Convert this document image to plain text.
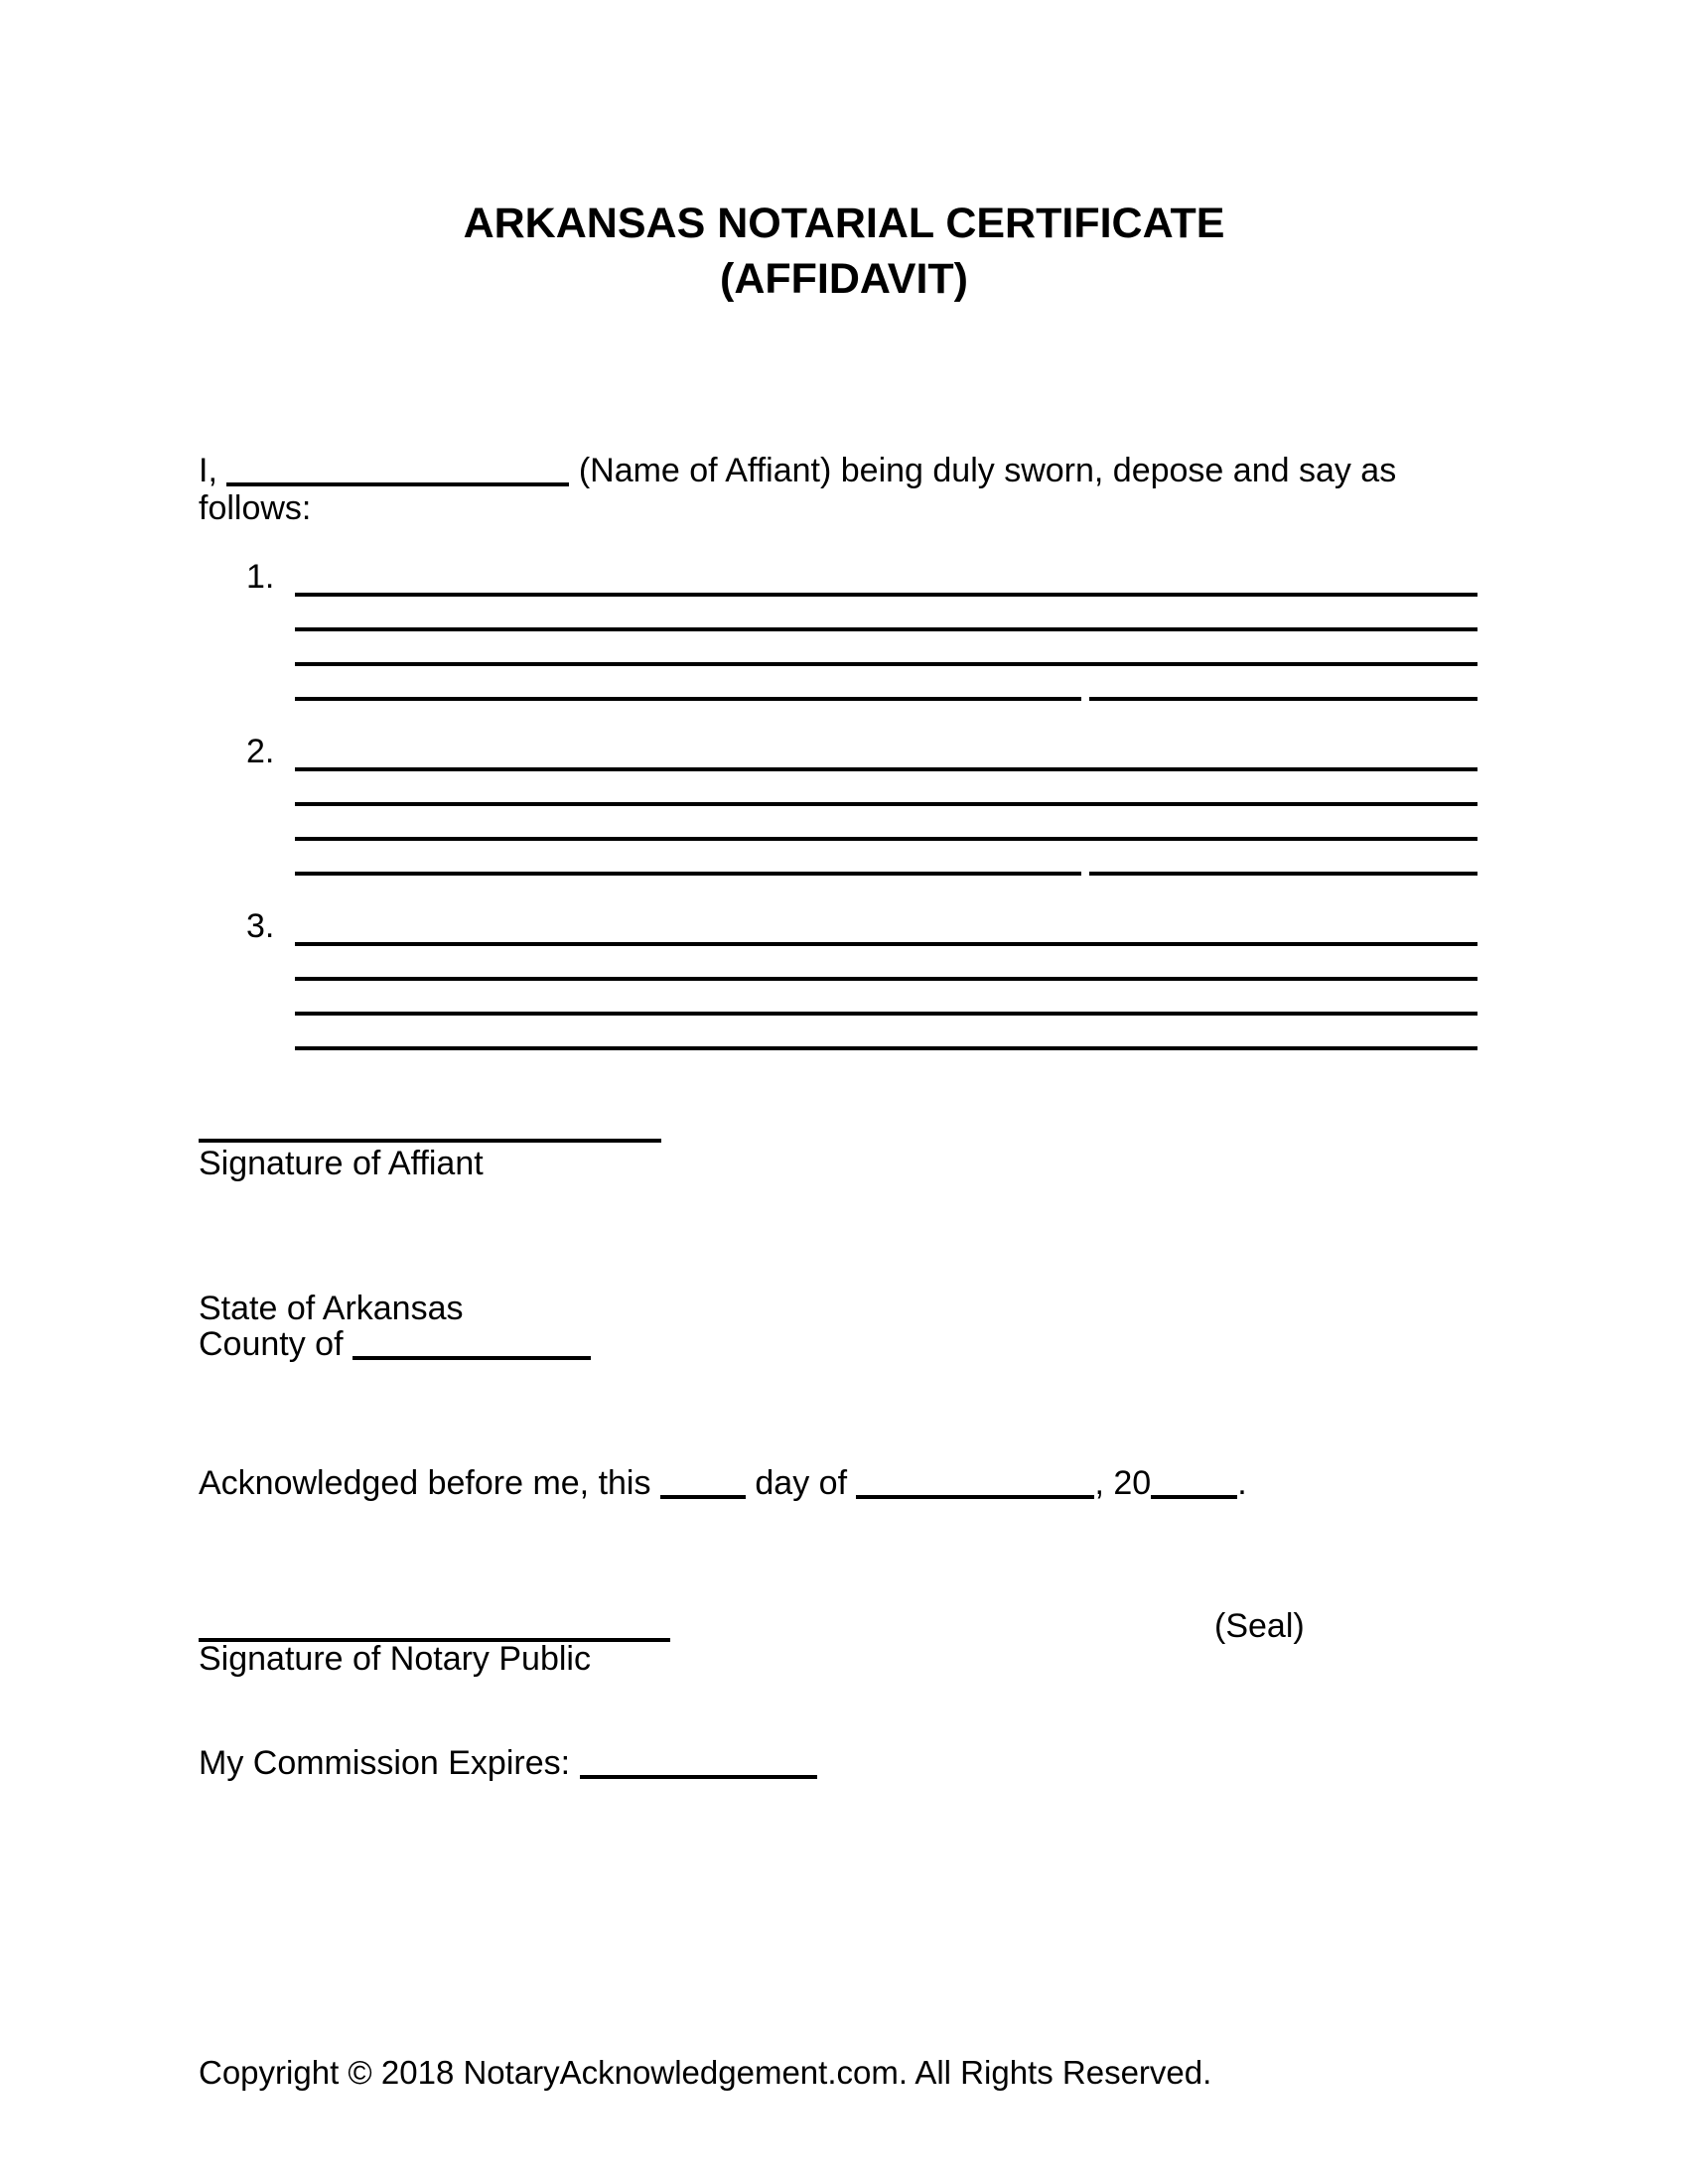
ARKANSAS NOTARIAL CERTIFICATE
(AFFIDAVIT)
I,	(Name of Affiant) being duly sworn, depose and say as
follows:
1.
2.
3.
Signature of Affiant
State of Arkansas
County of
Acknowledged before me, this	day of	, 20	.
(Seal)
Signature of Notary Public
My Commission Expires:
Copyright © 2018 NotaryAcknowledgement.com. All Rights Reserved.
